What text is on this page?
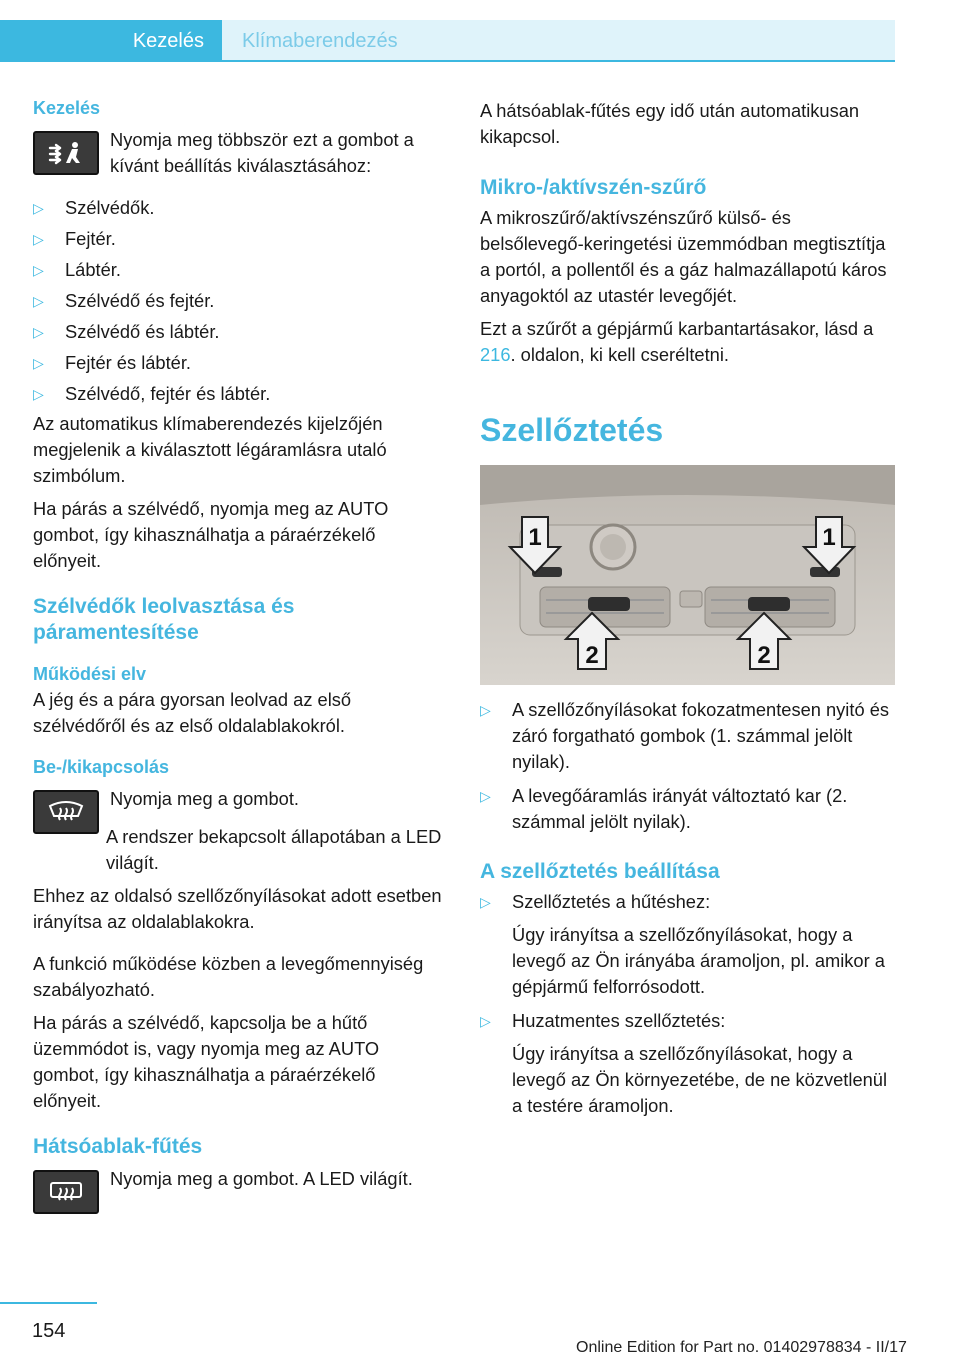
Kezelés Klímaberendezés
Kezelés

Nyomja meg többször ezt a gombot a kívánt beállítás kiválasztásához:

▷ Szélvédők.
▷ Fejtér.
▷ Lábtér.
▷ Szélvédő és fejtér.
▷ Szélvédő és lábtér.
▷ Fejtér és lábtér.
▷ Szélvédő, fejtér és lábtér.

Az automatikus klímaberendezés kijelzőjén megjelenik a kiválasztott légáramlásra utaló szimbólum.

Ha párás a szélvédő, nyomja meg az AUTO gombot, így kihasználhatja a páraérzékelő előnyeit.

Szélvédők leolvasztása és páramentesítése
Működési elv

A jég és a pára gyorsan leolvad az első szélvédőről és az első oldalablakokról.

Be-/kikapcsolás

Nyomja meg a gombot.

A rendszer bekapcsolt állapotában a LED világít.

Ehhez az oldalsó szellőzőnyílásokat adott esetben irányítsa az oldalablakokra.

A funkció működése közben a levegőmennyiség szabályozható.

Ha párás a szélvédő, kapcsolja be a hűtő üzemmódot is, vagy nyomja meg az AUTO gombot, így kihasználhatja a páraérzékelő előnyeit.

Hátsóablak-fűtés

Nyomja meg a gombot. A LED világít.

A hátsóablak-fűtés egy idő után automatikusan kikapcsol.

Mikro-/aktívszén-szűrő

A mikroszűrő/aktívszénszűrő külső- és belsőlevegő-keringetési üzemmódban megtisztítja a portól, a pollentől és a gáz halmazállapotú káros anyagoktól az utastér levegőjét.

Ezt a szűrőt a gépjármű karbantartásakor, lásd a 216. oldalon, ki kell cseréltetni.

Szellőztetés
1	1
2	2
▷ A szellőzőnyílásokat fokozatmentesen nyitó és záró forgatható gombok (1. számmal jelölt nyilak).
▷ A levegőáramlás irányát változtató kar (2. számmal jelölt nyilak).
A szellőztetés beállítása
▷ Szellőztetés a hűtéshez:
Úgy irányítsa a szellőzőnyílásokat, hogy a levegő az Ön irányába áramoljon, pl. amikor a gépjármű felforrósodott.
▷ Huzatmentes szellőztetés:
Úgy irányítsa a szellőzőnyílásokat, hogy a levegő az Ön környezetébe, de ne közvetlenül a testére áramoljon.
154
Online Edition for Part no. 01402978834 - II/17
